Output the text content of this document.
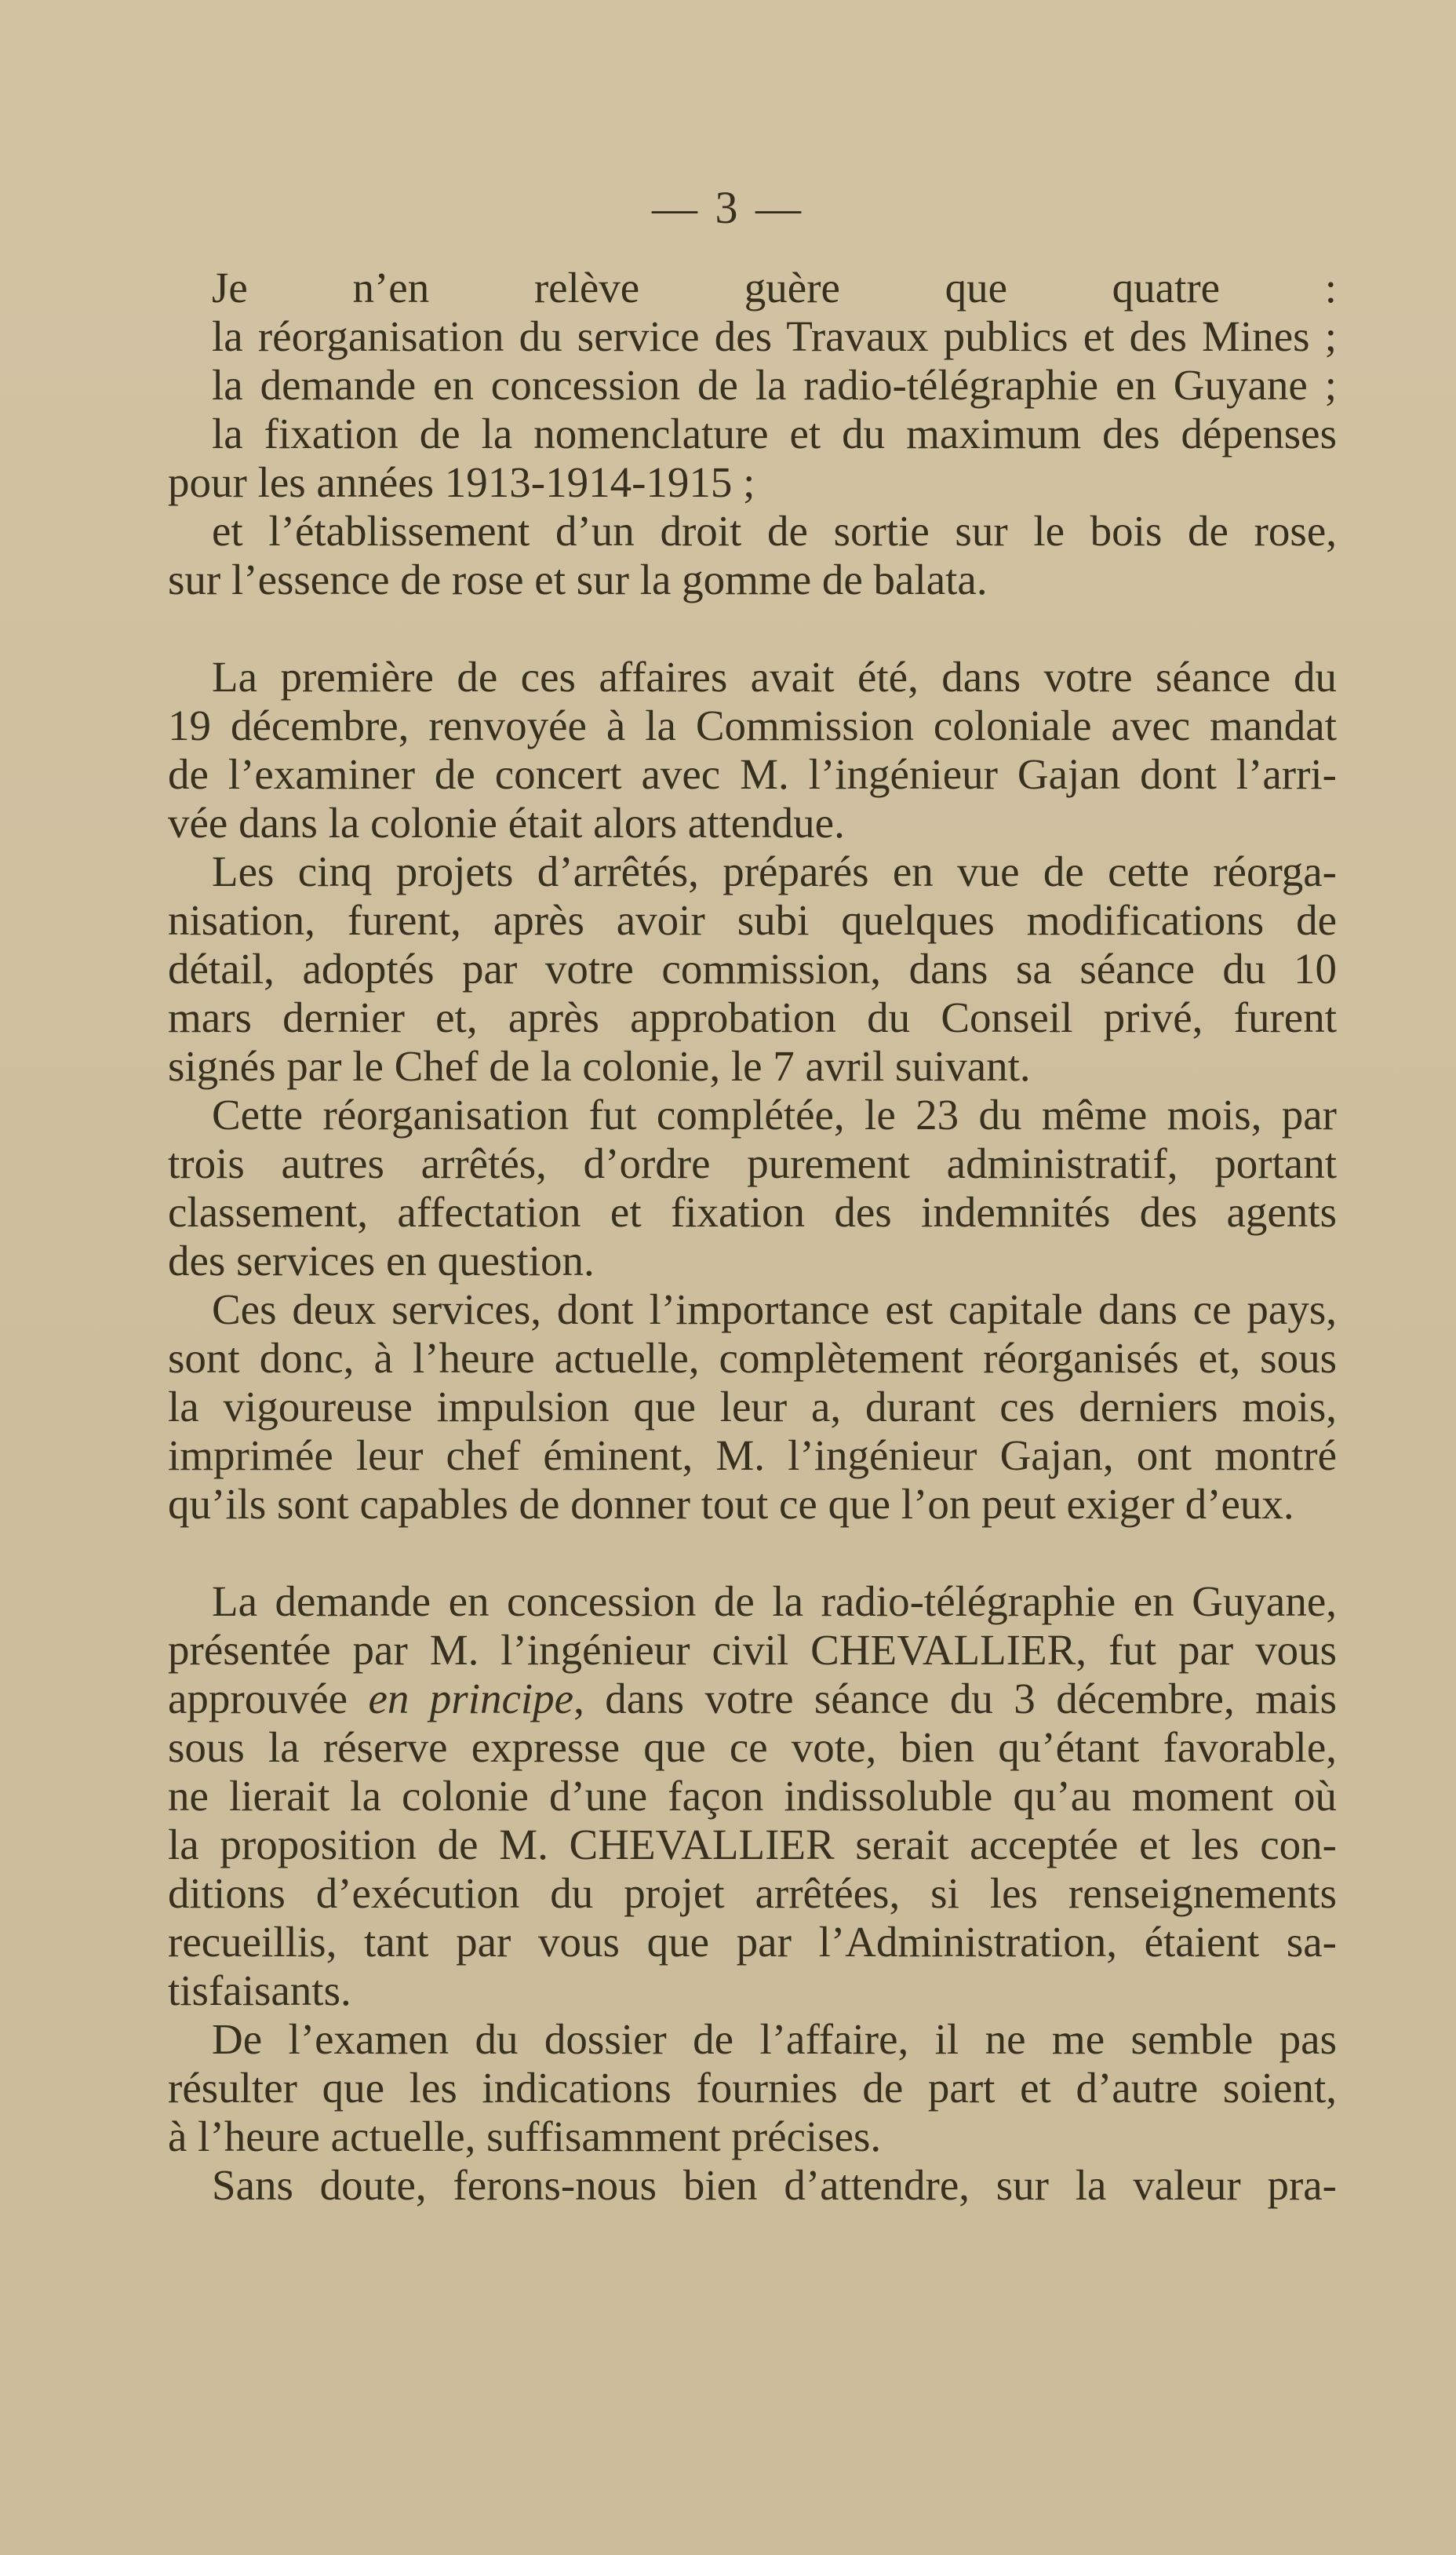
— 3 —
Je n’en relève guère que quatre :
la réorganisation du service des Travaux publics et des Mines ;
la demande en concession de la radio-télégraphie en Guyane ;
la fixation de la nomenclature et du maximum des dépenses
pour les années 1913-1914-1915 ;
et l’établissement d’un droit de sortie sur le bois de rose,
sur l’essence de rose et sur la gomme de balata.
La première de ces affaires avait été, dans votre séance du
19 décembre, renvoyée à la Commission coloniale avec mandat
de l’examiner de concert avec M. l’ingénieur Gajan dont l’arri-
vée dans la colonie était alors attendue.
Les cinq projets d’arrêtés, préparés en vue de cette réorga-
nisation, furent, après avoir subi quelques modifications de
détail, adoptés par votre commission, dans sa séance du 10
mars dernier et, après approbation du Conseil privé, furent
signés par le Chef de la colonie, le 7 avril suivant.
Cette réorganisation fut complétée, le 23 du même mois, par
trois autres arrêtés, d’ordre purement administratif, portant
classement, affectation et fixation des indemnités des agents
des services en question.
Ces deux services, dont l’importance est capitale dans ce pays,
sont donc, à l’heure actuelle, complètement réorganisés et, sous
la vigoureuse impulsion que leur a, durant ces derniers mois,
imprimée leur chef éminent, M. l’ingénieur Gajan, ont montré
qu’ils sont capables de donner tout ce que l’on peut exiger d’eux.
La demande en concession de la radio-télégraphie en Guyane,
présentée par M. l’ingénieur civil CHEVALLIER, fut par vous
approuvée en principe, dans votre séance du 3 décembre, mais
sous la réserve expresse que ce vote, bien qu’étant favorable,
ne lierait la colonie d’une façon indissoluble qu’au moment où
la proposition de M. CHEVALLIER serait acceptée et les con-
ditions d’exécution du projet arrêtées, si les renseignements
recueillis, tant par vous que par l’Administration, étaient sa-
tisfaisants.
De l’examen du dossier de l’affaire, il ne me semble pas
résulter que les indications fournies de part et d’autre soient,
à l’heure actuelle, suffisamment précises.
Sans doute, ferons-nous bien d’attendre, sur la valeur pra-
